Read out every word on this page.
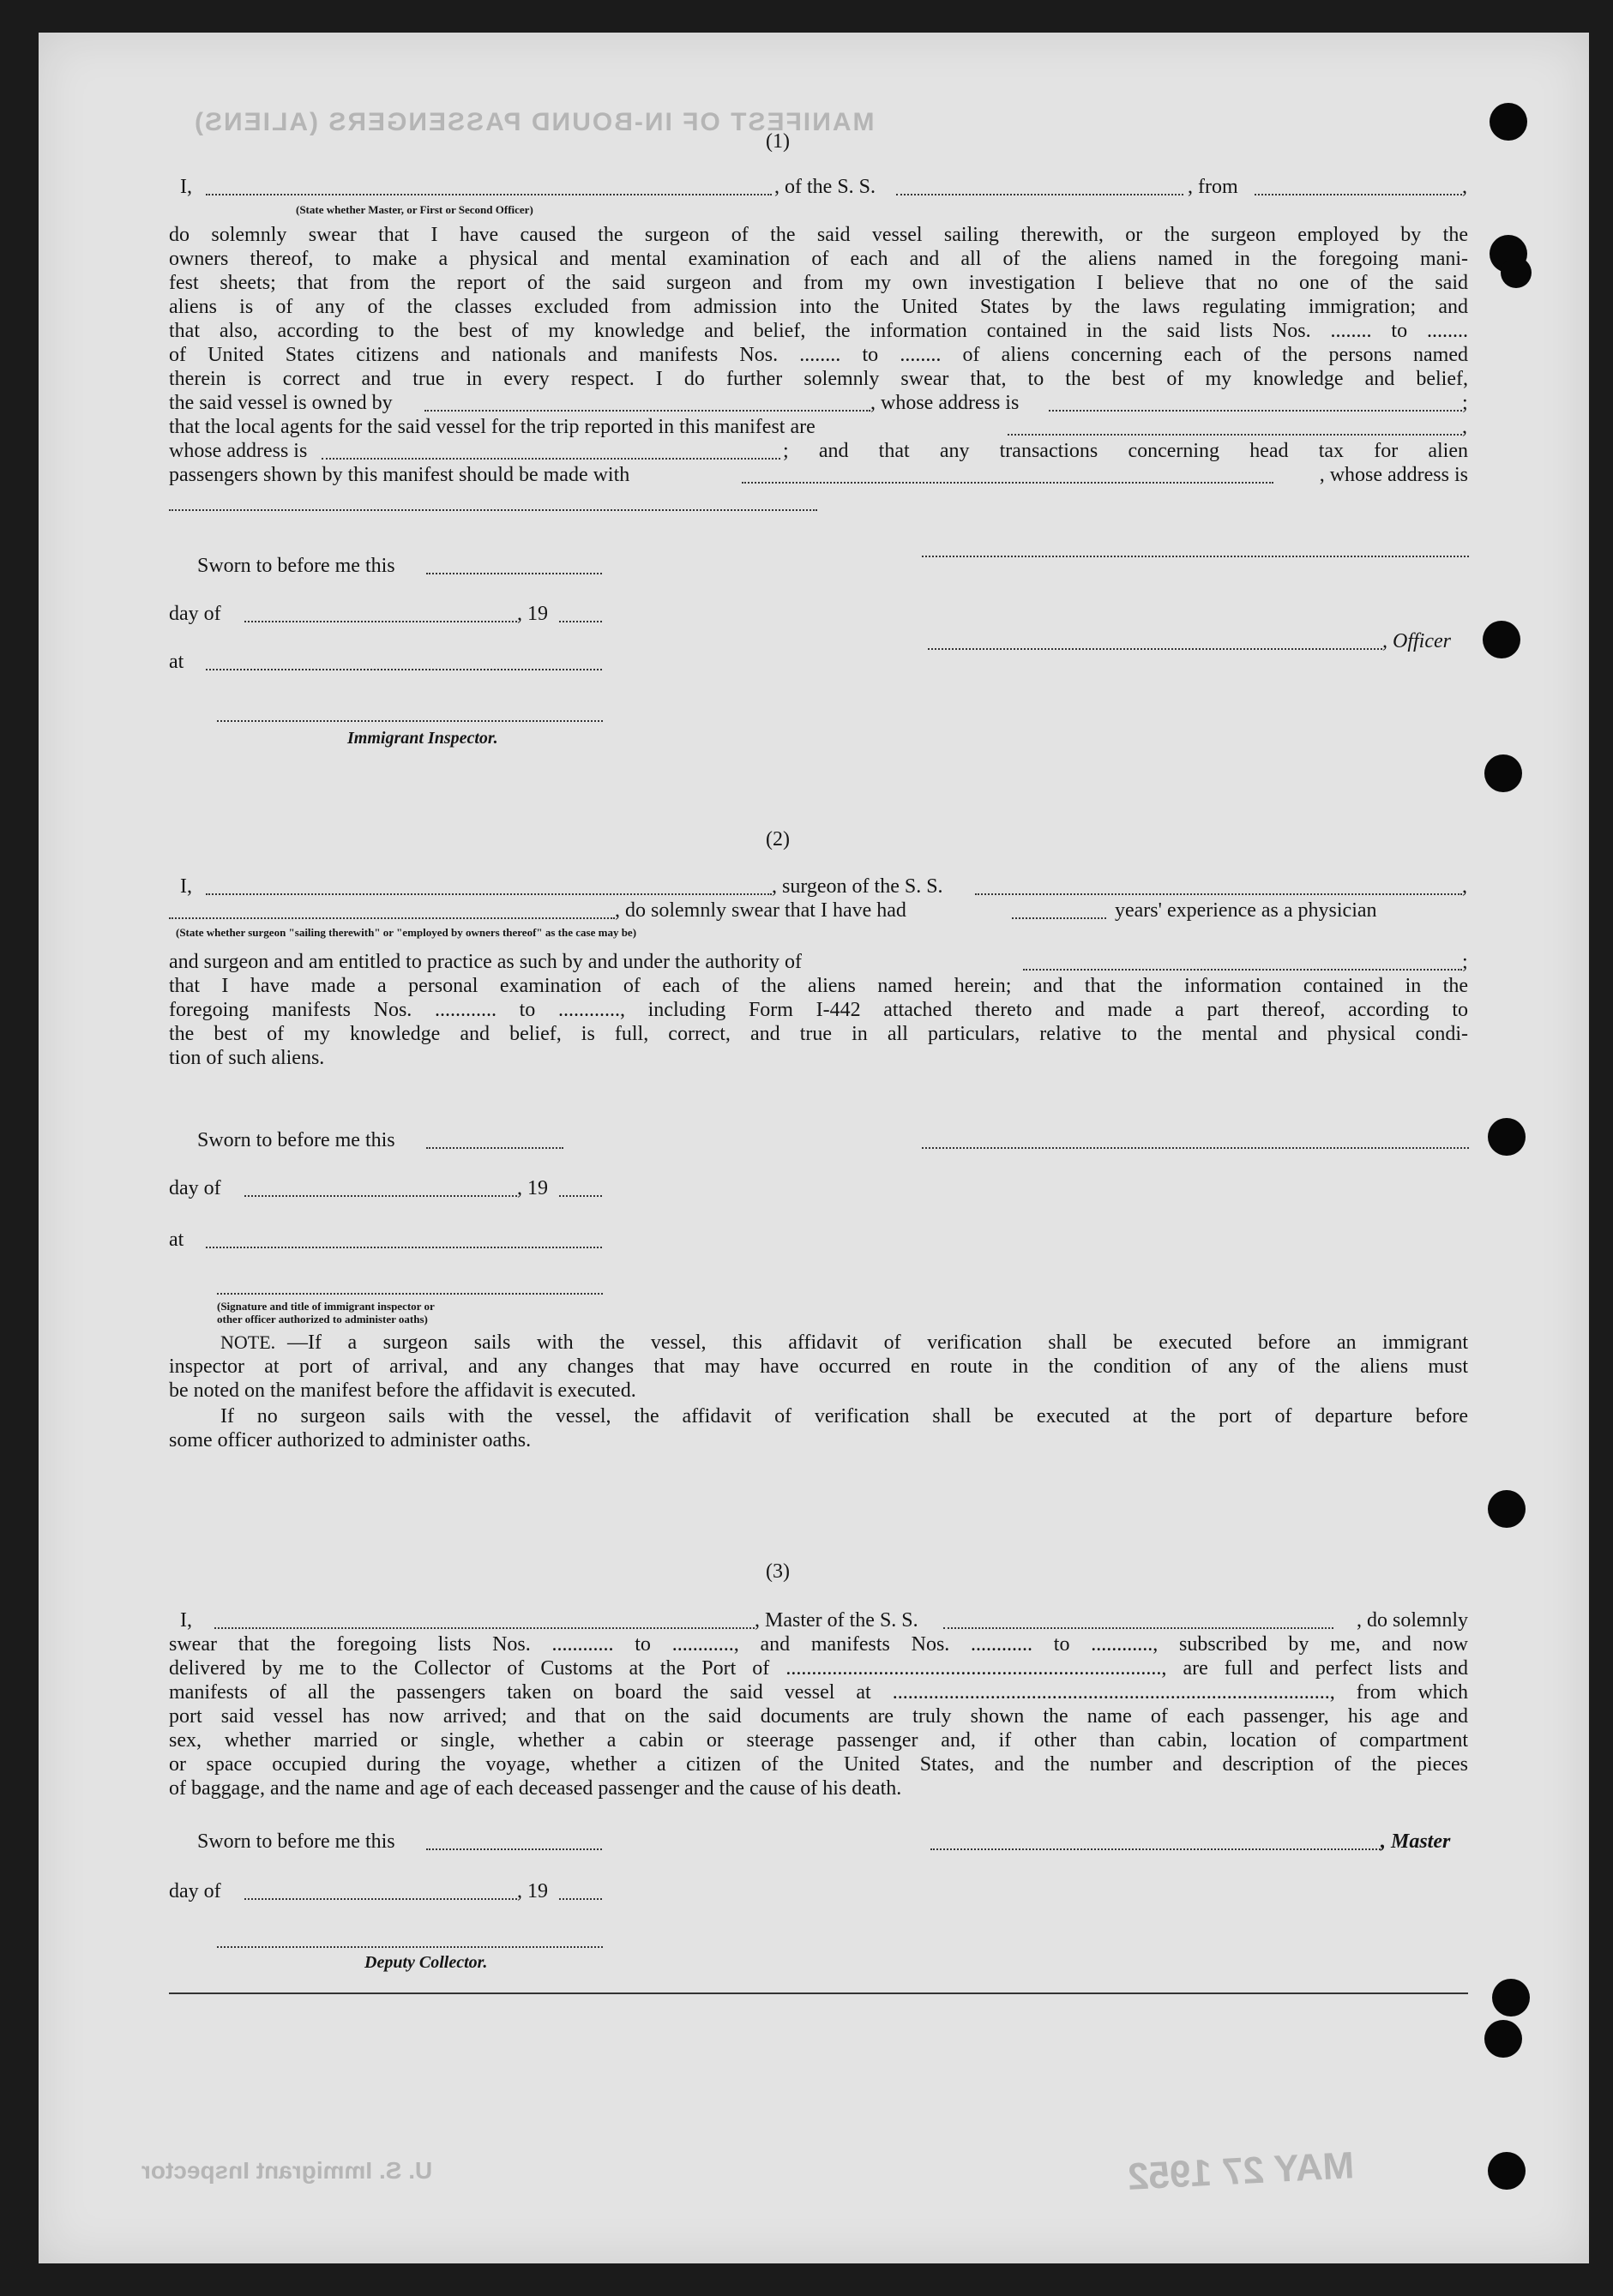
MANIFEST OF IN-BOUND PASSENGERS (ALIENS)
U. S. Immigrant Inspector	MAY 27 1952
(1)
I,
(State whether Master, or First or Second Officer)
, of the S. S.	, from	,
do solemnly swear that I have caused the surgeon of the said vessel sailing therewith, or the surgeon employed by the
owners thereof, to make a physical and mental examination of each and all of the aliens named in the foregoing mani-
fest sheets; that from the report of the said surgeon and from my own investigation I believe that no one of the said
aliens is of any of the classes excluded from admission into the United States by the laws regulating immigration; and
that also, according to the best of my knowledge and belief, the information contained in the said lists Nos. ........ to ........
of United States citizens and nationals and manifests Nos. ........ to ........ of aliens concerning each of the persons named
therein is correct and true in every respect. I do further solemnly swear that, to the best of my knowledge and belief,
the said vessel is owned by	, whose address is	;
that the local agents for the said vessel for the trip reported in this manifest are	,
whose address is	; and that any transactions concerning head tax for alien
passengers shown by this manifest should be made with	, whose address is
Sworn to before me this
day of	, 19
, Officer
at
Immigrant Inspector.
(2)
I,	, surgeon of the S. S.	,
(State whether surgeon "sailing therewith" or "employed by owners thereof" as the case may be)
, do solemnly swear that I have had	years' experience as a physician
and surgeon and am entitled to practice as such by and under the authority of	;
that I have made a personal examination of each of the aliens named herein; and that the information contained in the
foregoing manifests Nos. ............ to ............, including Form I-442 attached thereto and made a part thereof, according to
the best of my knowledge and belief, is full, correct, and true in all particulars, relative to the mental and physical condi-
tion of such aliens.
Sworn to before me this
day of	, 19
at
(Signature and title of immigrant inspector or
other officer authorized to administer oaths)
NOTE. —If a surgeon sails with the vessel, this affidavit of verification shall be executed before an immigrant
inspector at port of arrival, and any changes that may have occurred en route in the condition of any of the aliens must
be noted on the manifest before the affidavit is executed.
If no surgeon sails with the vessel, the affidavit of verification shall be executed at the port of departure before
some officer authorized to administer oaths.
(3)
I,	, Master of the S. S.	, do solemnly
swear that the foregoing lists Nos. ............ to ............, and manifests Nos. ............ to ............, subscribed by me, and now
delivered by me to the Collector of Customs at the Port of ........................................................................., are full and perfect lists and
manifests of all the passengers taken on board the said vessel at ....................................................................................., from which
port said vessel has now arrived; and that on the said documents are truly shown the name of each passenger, his age and
sex, whether married or single, whether a cabin or steerage passenger and, if other than cabin, location of compartment
or space occupied during the voyage, whether a citizen of the United States, and the number and description of the pieces
of baggage, and the name and age of each deceased passenger and the cause of his death.
Sworn to before me this	, Master
day of	, 19
Deputy Collector.
